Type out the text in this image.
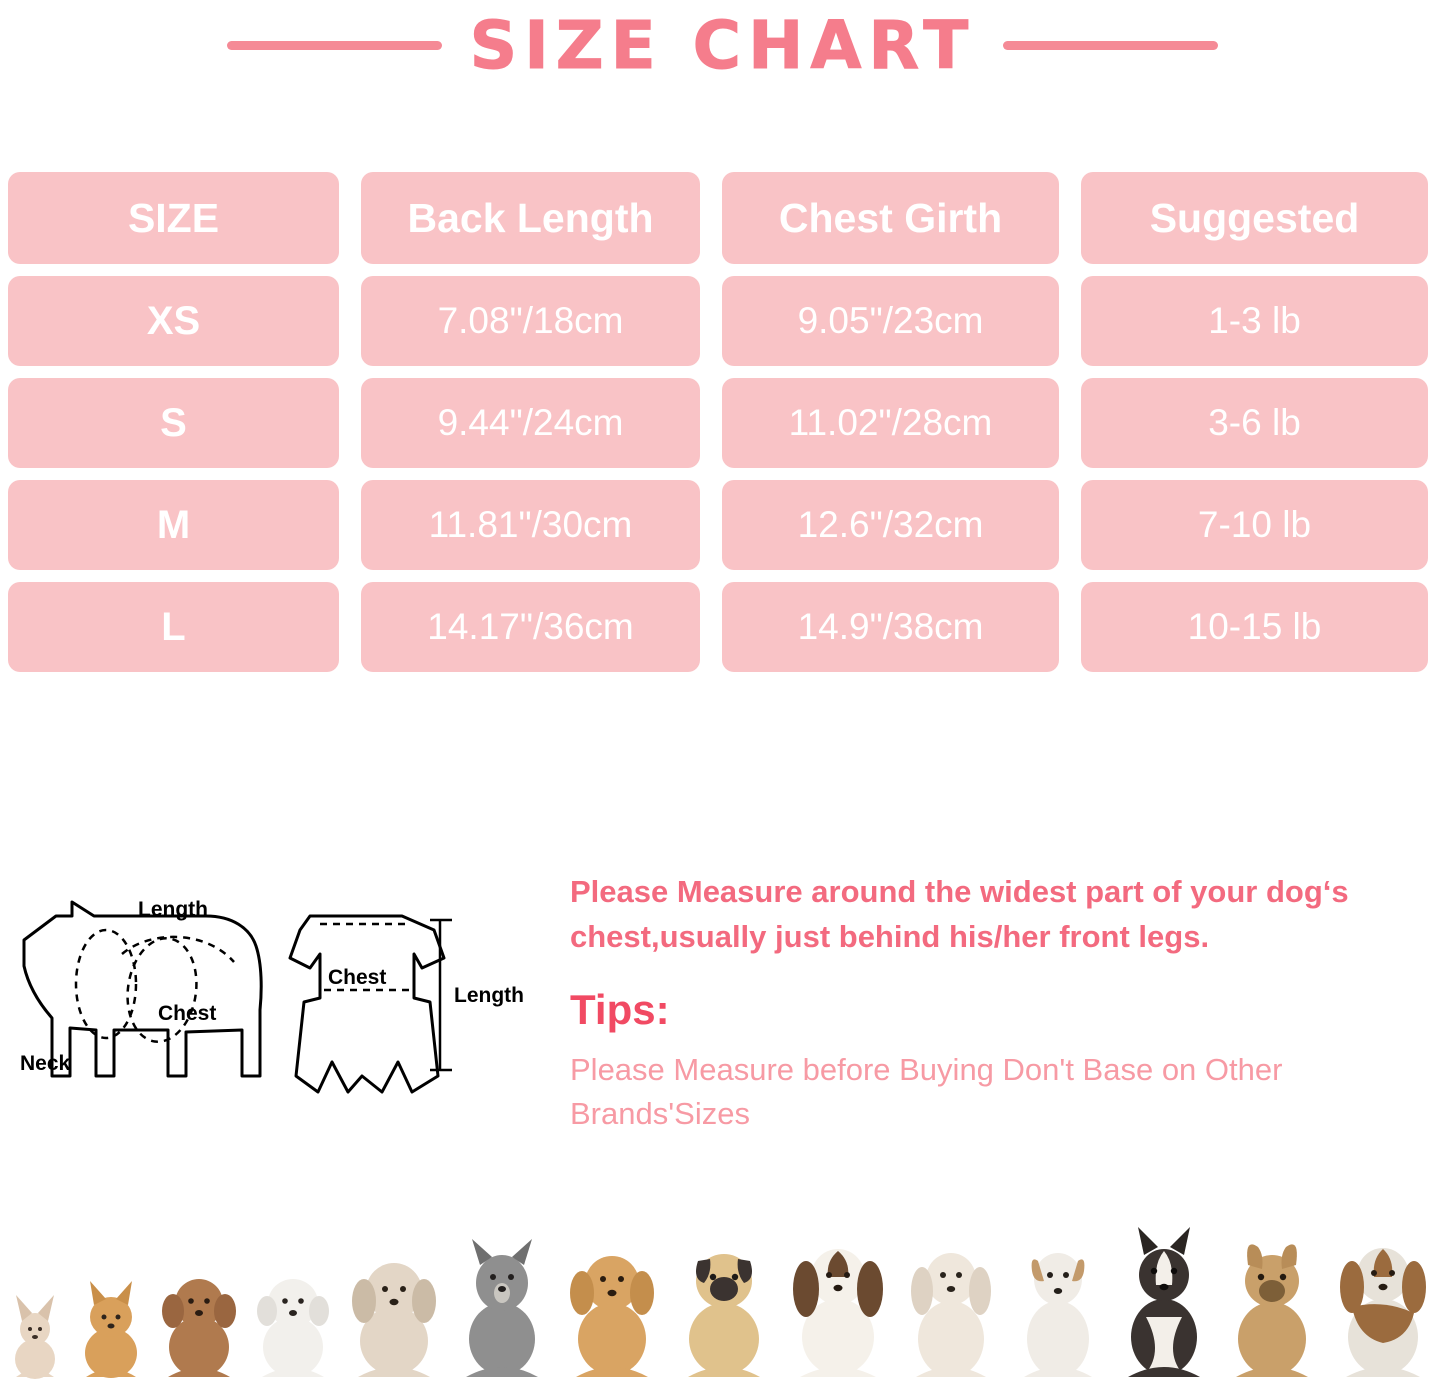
SIZE CHART
SIZE	Back Length	Chest Girth	Suggested
XS	7.08"/18cm	9.05"/23cm	1-3 lb
S	9.44"/24cm	11.02"/28cm	3-6 lb
M	11.81"/30cm	12.6"/32cm	7-10 lb
L	14.17"/36cm	14.9"/38cm	10-15 lb
Length
Chest
Neck
Chest
Length
Please Measure around the widest part of your dog‘s chest,usually just behind his/her front legs.
Tips:
Please Measure before Buying Don't Base on Other Brands'Sizes
